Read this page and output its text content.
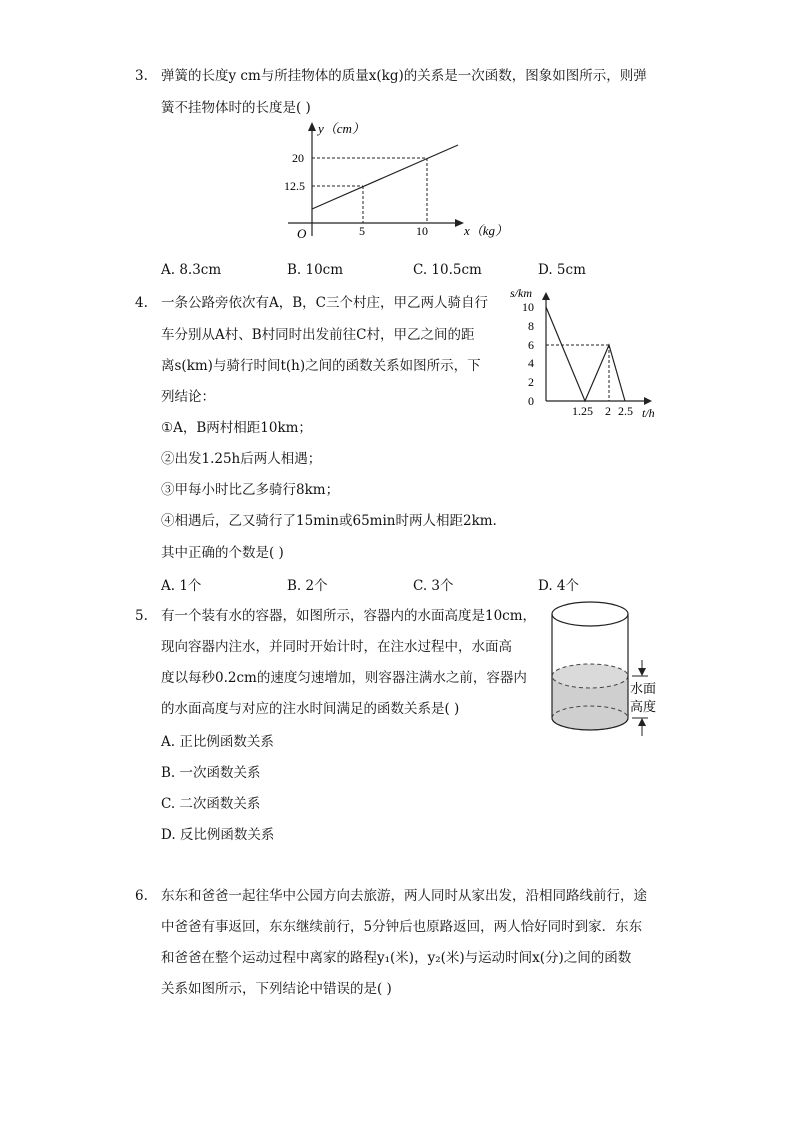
3. 弹簧的长度y cm与所挂物体的质量x(kg)的关系是一次函数，图象如图所示，则弹
簧不挂物体时的长度是( )
y（cm）
20
12.5
O	5	10	x（kg）
A. 8.3cm	B. 10cm	C. 10.5cm	D. 5cm
4. 一条公路旁依次有A，B，C三个村庄，甲乙两人骑自行
车分别从A村、B村同时出发前往C村，甲乙之间的距
离s(km)与骑行时间t(h)之间的函数关系如图所示，下
列结论：
①A，B两村相距10km；
②出发1.25h后两人相遇；
③甲每小时比乙多骑行8km；
④相遇后，乙又骑行了15min或65min时两人相距2km.
其中正确的个数是( )
s/km
10
8
6
4
2
0
1.25 2 2.5 t/h
A. 1个	B. 2个	C. 3个	D. 4个
5. 有一个装有水的容器，如图所示，容器内的水面高度是10cm，
现向容器内注水，并同时开始计时，在注水过程中，水面高
度以每秒0.2cm的速度匀速增加，则容器注满水之前，容器内
的水面高度与对应的注水时间满足的函数关系是( )
水面
高度
A. 正比例函数关系
B. 一次函数关系
C. 二次函数关系
D. 反比例函数关系
6. 东东和爸爸一起往华中公园方向去旅游，两人同时从家出发，沿相同路线前行，途
中爸爸有事返回，东东继续前行，5分钟后也原路返回，两人恰好同时到家．东东
和爸爸在整个运动过程中离家的路程y₁(米)，y₂(米)与运动时间x(分)之间的函数
关系如图所示，下列结论中错误的是( )
